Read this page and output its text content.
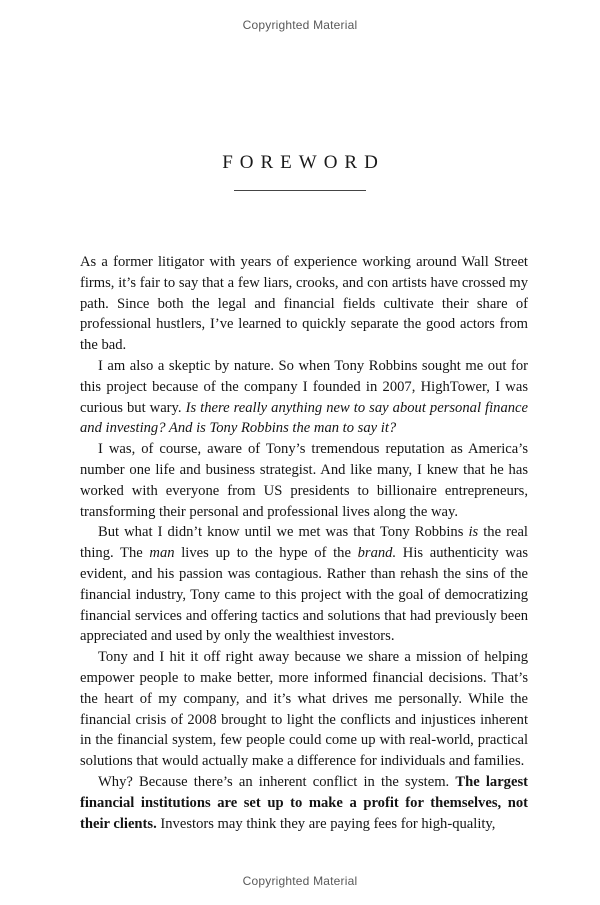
Copyrighted Material
FOREWORD

As a former litigator with years of experience working around Wall Street firms, it’s fair to say that a few liars, crooks, and con artists have crossed my path. Since both the legal and financial fields cultivate their share of professional hustlers, I’ve learned to quickly separate the good actors from the bad.

I am also a skeptic by nature. So when Tony Robbins sought me out for this project because of the company I founded in 2007, HighTower, I was curious but wary. Is there really anything new to say about personal finance and investing? And is Tony Robbins the man to say it?

I was, of course, aware of Tony’s tremendous reputation as America’s number one life and business strategist. And like many, I knew that he has worked with everyone from US presidents to billionaire entrepreneurs, transforming their personal and professional lives along the way.

But what I didn’t know until we met was that Tony Robbins is the real thing. The man lives up to the hype of the brand. His authenticity was evident, and his passion was contagious. Rather than rehash the sins of the financial industry, Tony came to this project with the goal of democratizing financial services and offering tactics and solutions that had previously been appreciated and used by only the wealthiest investors.

Tony and I hit it off right away because we share a mission of helping empower people to make better, more informed financial decisions. That’s the heart of my company, and it’s what drives me personally. While the financial crisis of 2008 brought to light the conflicts and injustices inherent in the financial system, few people could come up with real-world, practical solutions that would actually make a difference for individuals and families.

Why? Because there’s an inherent conflict in the system. The largest financial institutions are set up to make a profit for themselves, not their clients. Investors may think they are paying fees for high-quality,

Copyrighted Material
